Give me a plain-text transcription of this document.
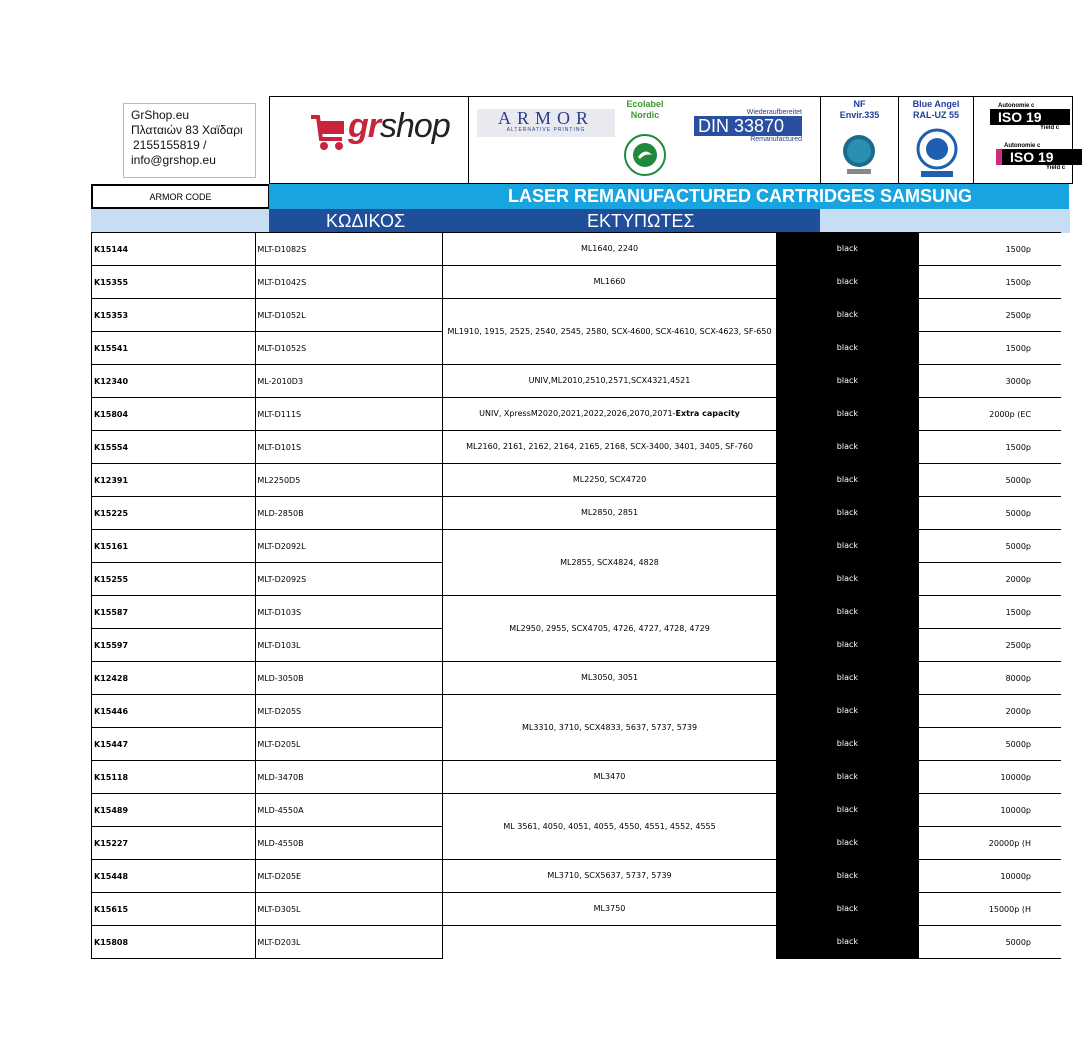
GrShop.eu
Πλαταιών 83 Χαϊδαρι
2155155819 /
info@grshop.eu
grshop	ARMOR
ALTERNATIVE PRINTING
Ecolabel
Nordic	Wiederaufbereitet
DIN 33870
Remanufactured
NF
Envir.335
Blue Angel
RAL-UZ 55
Autonomie c
ISO 19
Yield c
Autonomie c
ISO 19
Yield c
ARMOR CODE	LASER REMANUFACTURED CARTRIDGES SAMSUNG
ΚΩΔΙΚΟΣ	ΕΚΤΥΠΩΤΕΣ
K15144	MLT-D1082S	ML1640, 2240	black	1500p
K15355	MLT-D1042S	ML1660	black	1500p
K15353	MLT-D1052L	ML1910, 1915, 2525, 2540, 2545, 2580, SCX-4600, SCX-4610, SCX-4623, SF-650	black	2500p
K15541	MLT-D1052S		black	1500p
K12340	ML-2010D3	UNIV,ML2010,2510,2571,SCX4321,4521	black	3000p
K15804	MLT-D111S	UNIV, XpressM2020,2021,2022,2026,2070,2071-Extra capacity	black	2000p (EC
K15554	MLT-D101S	ML2160, 2161, 2162, 2164, 2165, 2168, SCX-3400, 3401, 3405, SF-760	black	1500p
K12391	ML2250D5	ML2250, SCX4720	black	5000p
K15225	MLD-2850B	ML2850, 2851	black	5000p
K15161	MLT-D2092L	ML2855, SCX4824, 4828	black	5000p
K15255	MLT-D2092S		black	2000p
K15587	MLT-D103S	ML2950, 2955, SCX4705, 4726, 4727, 4728, 4729	black	1500p
K15597	MLT-D103L		black	2500p
K12428	MLD-3050B	ML3050, 3051	black	8000p
K15446	MLT-D205S	ML3310, 3710, SCX4833, 5637, 5737, 5739	black	2000p
K15447	MLT-D205L		black	5000p
K15118	MLD-3470B	ML3470	black	10000p
K15489	MLD-4550A	ML 3561, 4050, 4051, 4055, 4550, 4551, 4552, 4555	black	10000p
K15227	MLD-4550B		black	20000p (H
K15448	MLT-D205E	ML3710, SCX5637, 5737, 5739	black	10000p
K15615	MLT-D305L	ML3750	black	15000p (H
K15808	MLT-D203L		black	5000p
